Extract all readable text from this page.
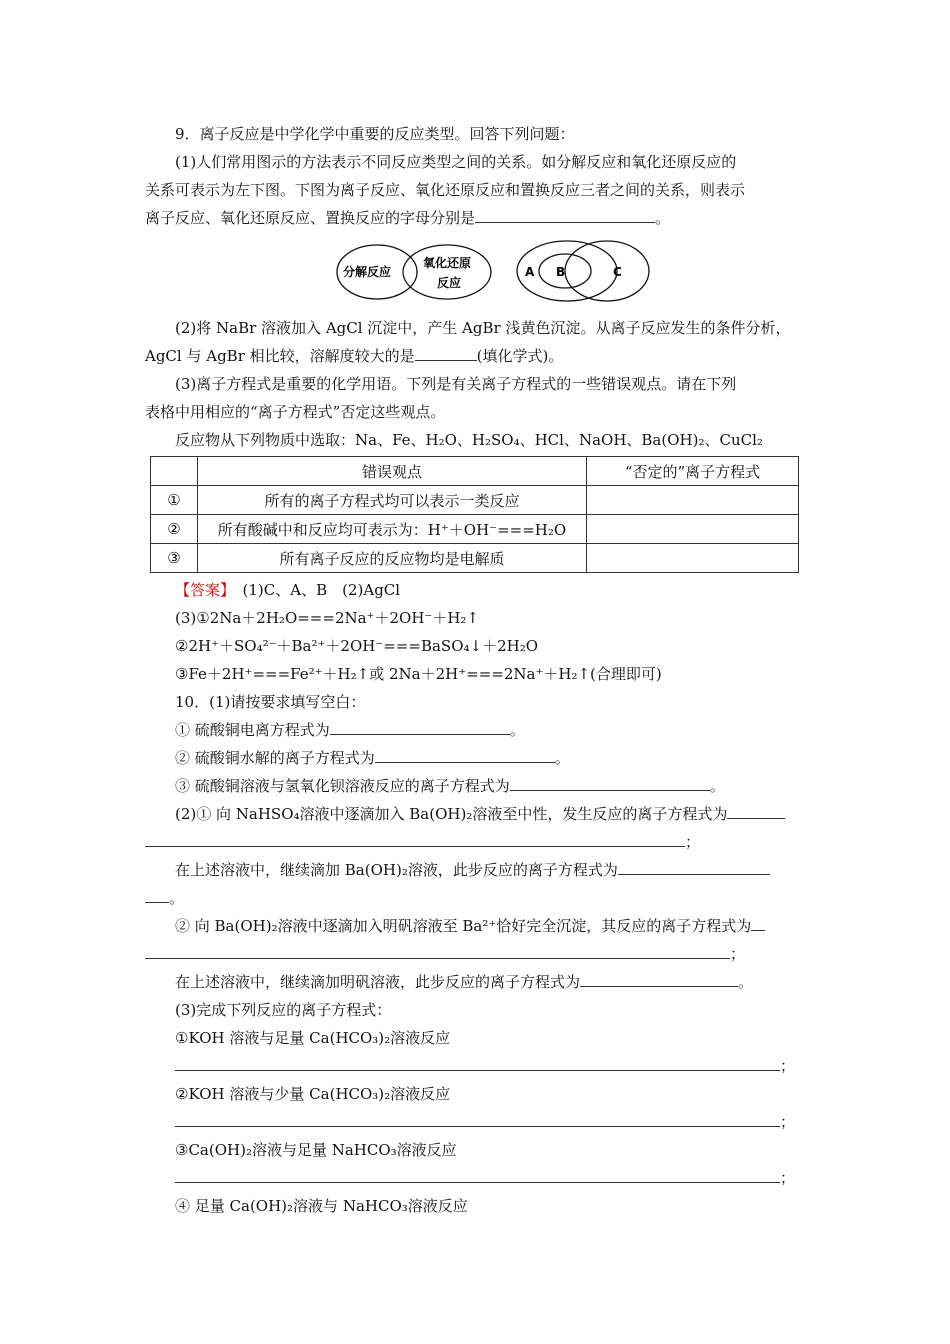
9．离子反应是中学化学中重要的反应类型。回答下列问题：
(1)人们常用图示的方法表示不同反应类型之间的关系。如分解反应和氧化还原反应的
关系可表示为左下图。下图为离子反应、氧化还原反应和置换反应三者之间的关系，则表示
离子反应、氧化还原反应、置换反应的字母分别是	。
分解反应
氧化还原
反应
A B	C
(2)将 NaBr 溶液加入 AgCl 沉淀中，产生 AgBr 浅黄色沉淀。从离子反应发生的条件分析，
AgCl 与 AgBr 相比较，溶解度较大的是	(填化学式)。
(3)离子方程式是重要的化学用语。下列是有关离子方程式的一些错误观点。请在下列
表格中用相应的“离子方程式”否定这些观点。
反应物从下列物质中选取：Na、Fe、H₂O、H₂SO₄、HCl、NaOH、Ba(OH)₂、CuCl₂
	错误观点	“否定的”离子方程式
①	所有的离子方程式均可以表示一类反应	
②	所有酸碱中和反应均可表示为：H⁺＋OH⁻===H₂O	
③	所有离子反应的反应物均是电解质	
【答案】　 (1)C、A、B　(2)AgCl
(3)①2Na＋2H₂O===2Na⁺＋2OH⁻＋H₂↑
②2H⁺＋SO₄²⁻＋Ba²⁺＋2OH⁻===BaSO₄↓＋2H₂O
③Fe＋2H⁺===Fe²⁺＋H₂↑或 2Na＋2H⁺===2Na⁺＋H₂↑(合理即可)
10．(1)请按要求填写空白：
① 硫酸铜电离方程式为	。
② 硫酸铜水解的离子方程式为	。
③ 硫酸铜溶液与氢氧化钡溶液反应的离子方程式为	。
(2)① 向 NaHSO₄溶液中逐滴加入 Ba(OH)₂溶液至中性，发生反应的离子方程式为
；
在上述溶液中，继续滴加 Ba(OH)₂溶液，此步反应的离子方程式为
。
② 向 Ba(OH)₂溶液中逐滴加入明矾溶液至 Ba²⁺恰好完全沉淀，其反应的离子方程式为
；
在上述溶液中，继续滴加明矾溶液，此步反应的离子方程式为	。
(3)完成下列反应的离子方程式：
①KOH 溶液与足量 Ca(HCO₃)₂溶液反应
；
②KOH 溶液与少量 Ca(HCO₃)₂溶液反应
；
③Ca(OH)₂溶液与足量 NaHCO₃溶液反应
；
④ 足量 Ca(OH)₂溶液与 NaHCO₃溶液反应
